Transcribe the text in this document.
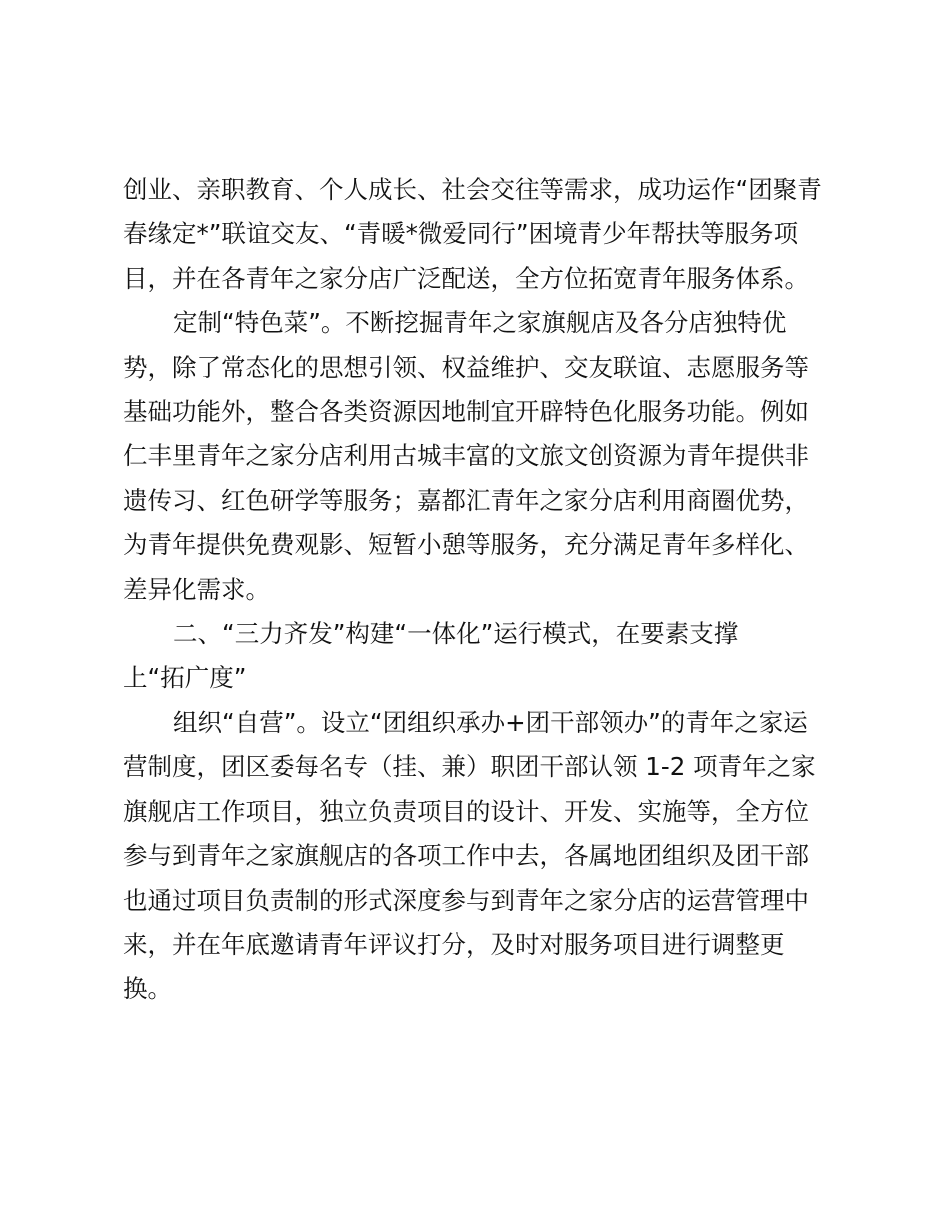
创业、亲职教育、个人成长、社会交往等需求，成功运作“团聚青
春缘定*”联谊交友、“青暖*微爱同行”困境青少年帮扶等服务项
目，并在各青年之家分店广泛配送，全方位拓宽青年服务体系。

定制“特色菜”。不断挖掘青年之家旗舰店及各分店独特优
势，除了常态化的思想引领、权益维护、交友联谊、志愿服务等
基础功能外，整合各类资源因地制宜开辟特色化服务功能。例如
仁丰里青年之家分店利用古城丰富的文旅文创资源为青年提供非
遗传习、红色研学等服务；嘉都汇青年之家分店利用商圈优势，
为青年提供免费观影、短暂小憩等服务，充分满足青年多样化、
差异化需求。

二、“三力齐发”构建“一体化”运行模式，在要素支撑
上“拓广度”

组织“自营”。设立“团组织承办+团干部领办”的青年之家运
营制度，团区委每名专（挂、兼）职团干部认领 1-2 项青年之家
旗舰店工作项目，独立负责项目的设计、开发、实施等，全方位
参与到青年之家旗舰店的各项工作中去，各属地团组织及团干部
也通过项目负责制的形式深度参与到青年之家分店的运营管理中
来，并在年底邀请青年评议打分，及时对服务项目进行调整更
换。
